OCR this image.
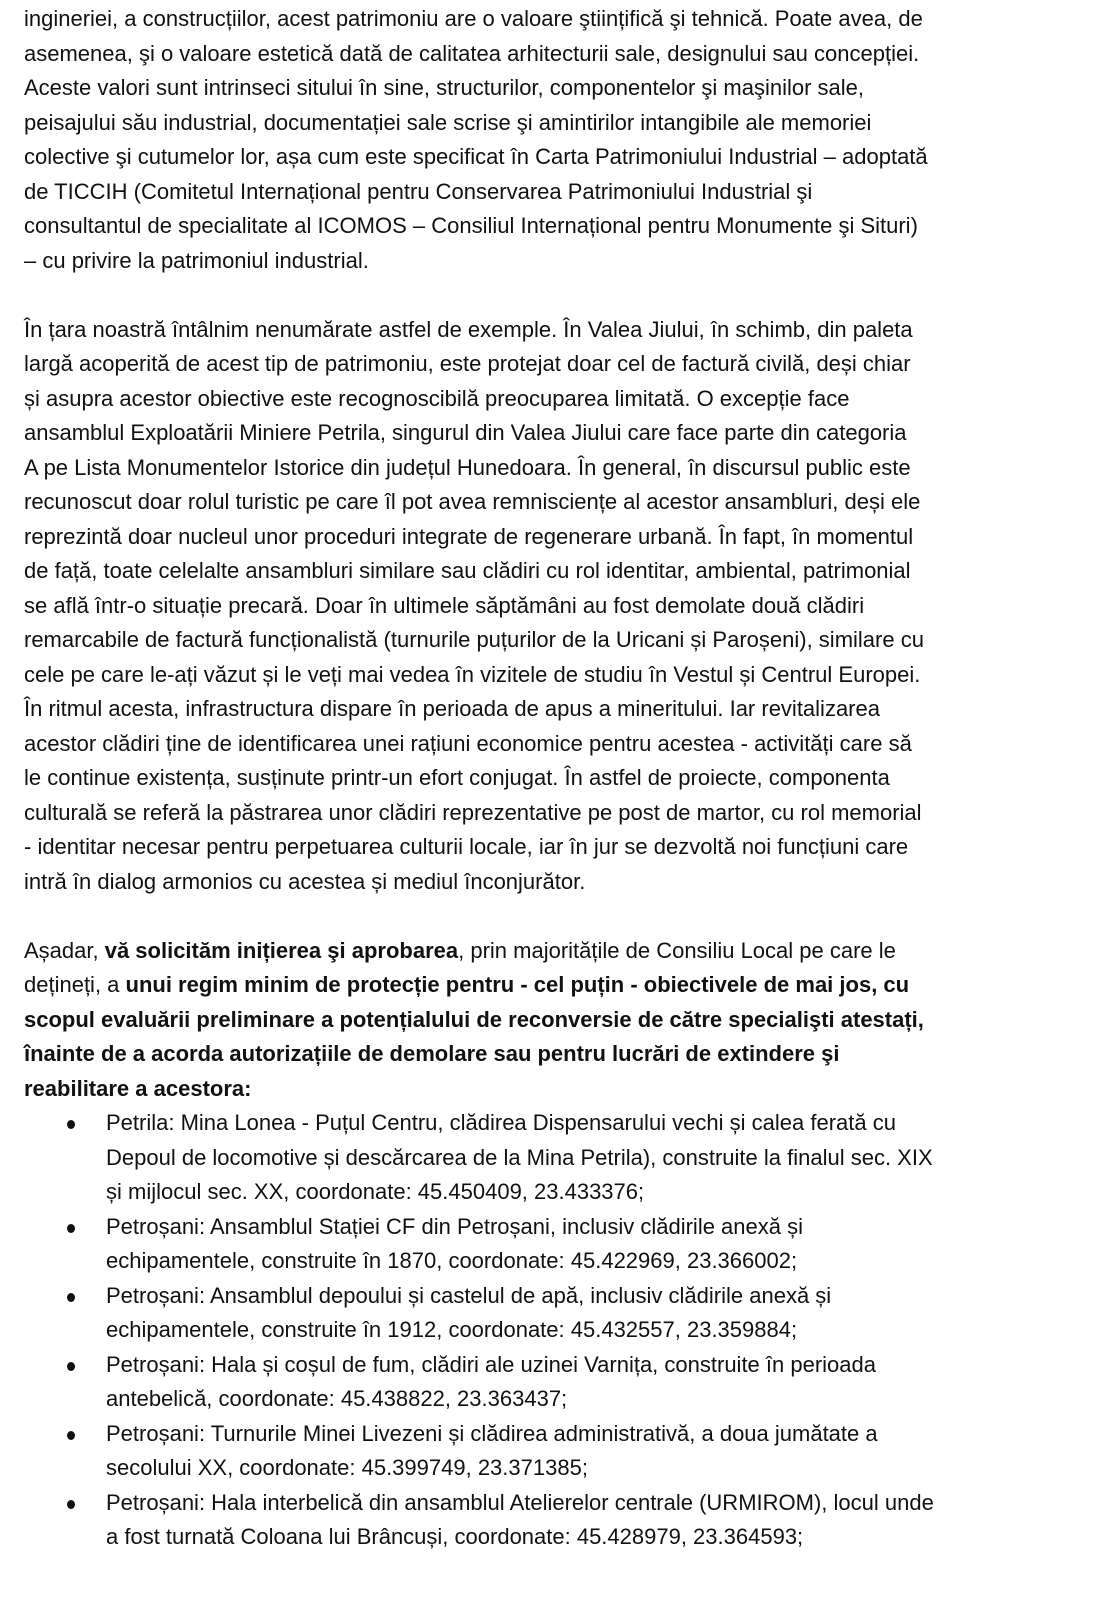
ingineriei, a construcțiilor, acest patrimoniu are o valoare ştiințifică şi tehnică. Poate avea, de
asemenea, şi o valoare estetică dată de calitatea arhitecturii sale, designului sau concepției.
Aceste valori sunt intrinseci sitului în sine, structurilor, componentelor şi maşinilor sale,
peisajului său industrial, documentației sale scrise şi amintirilor intangibile ale memoriei
colective şi cutumelor lor, așa cum este specificat în Carta Patrimoniului Industrial – adoptată
de TICCIH (Comitetul Internațional pentru Conservarea Patrimoniului Industrial şi
consultantul de specialitate al ICOMOS – Consiliul Internațional pentru Monumente şi Situri)
– cu privire la patrimoniul industrial.
În țara noastră întâlnim nenumărate astfel de exemple. În Valea Jiului, în schimb, din paleta
largă acoperită de acest tip de patrimoniu, este protejat doar cel de factură civilă, deși chiar
și asupra acestor obiective este recognoscibilă preocuparea limitată. O excepție face
ansamblul Exploatării Miniere Petrila, singurul din Valea Jiului care face parte din categoria
A pe Lista Monumentelor Istorice din județul Hunedoara. În general, în discursul public este
recunoscut doar rolul turistic pe care îl pot avea remnisciențe al acestor ansambluri, deși ele
reprezintă doar nucleul unor proceduri integrate de regenerare urbană. În fapt, în momentul
de față, toate celelalte ansambluri similare sau clădiri cu rol identitar, ambiental, patrimonial
se află într-o situație precară. Doar în ultimele săptămâni au fost demolate două clădiri
remarcabile de factură funcționalistă (turnurile puțurilor de la Uricani și Paroșeni), similare cu
cele pe care le-ați văzut și le veți mai vedea în vizitele de studiu în Vestul și Centrul Europei.
În ritmul acesta, infrastructura dispare în perioada de apus a mineritului. Iar revitalizarea
acestor clădiri ține de identificarea unei rațiuni economice pentru acestea - activități care să
le continue existența, susținute printr-un efort conjugat. În astfel de proiecte, componenta
culturală se referă la păstrarea unor clădiri reprezentative pe post de martor, cu rol memorial
- identitar necesar pentru perpetuarea culturii locale, iar în jur se dezvoltă noi funcțiuni care
intră în dialog armonios cu acestea și mediul înconjurător.
Așadar, vă solicităm inițierea şi aprobarea, prin majoritățile de Consiliu Local pe care le
dețineți, a unui regim minim de protecție pentru - cel puțin - obiectivele de mai jos, cu
scopul evaluării preliminare a potențialului de reconversie de către specialişti atestați,
înainte de a acorda autorizațiile de demolare sau pentru lucrări de extindere şi
reabilitare a acestora:
Petrila: Mina Lonea - Puțul Centru, clădirea Dispensarului vechi și calea ferată cu
Depoul de locomotive și descărcarea de la Mina Petrila), construite la finalul sec. XIX
și mijlocul sec. XX, coordonate: 45.450409, 23.433376;
Petroșani: Ansamblul Stației CF din Petroșani, inclusiv clădirile anexă și
echipamentele, construite în 1870, coordonate: 45.422969, 23.366002;
Petroșani: Ansamblul depoului și castelul de apă, inclusiv clădirile anexă și
echipamentele, construite în 1912, coordonate: 45.432557, 23.359884;
Petroșani: Hala și coșul de fum, clădiri ale uzinei Varnița, construite în perioada
antebelică, coordonate: 45.438822, 23.363437;
Petroșani: Turnurile Minei Livezeni și clădirea administrativă, a doua jumătate a
secolului XX, coordonate: 45.399749, 23.371385;
Petroșani: Hala interbelică din ansamblul Atelierelor centrale (URMIROM), locul unde
a fost turnată Coloana lui Brâncuși, coordonate: 45.428979, 23.364593;
